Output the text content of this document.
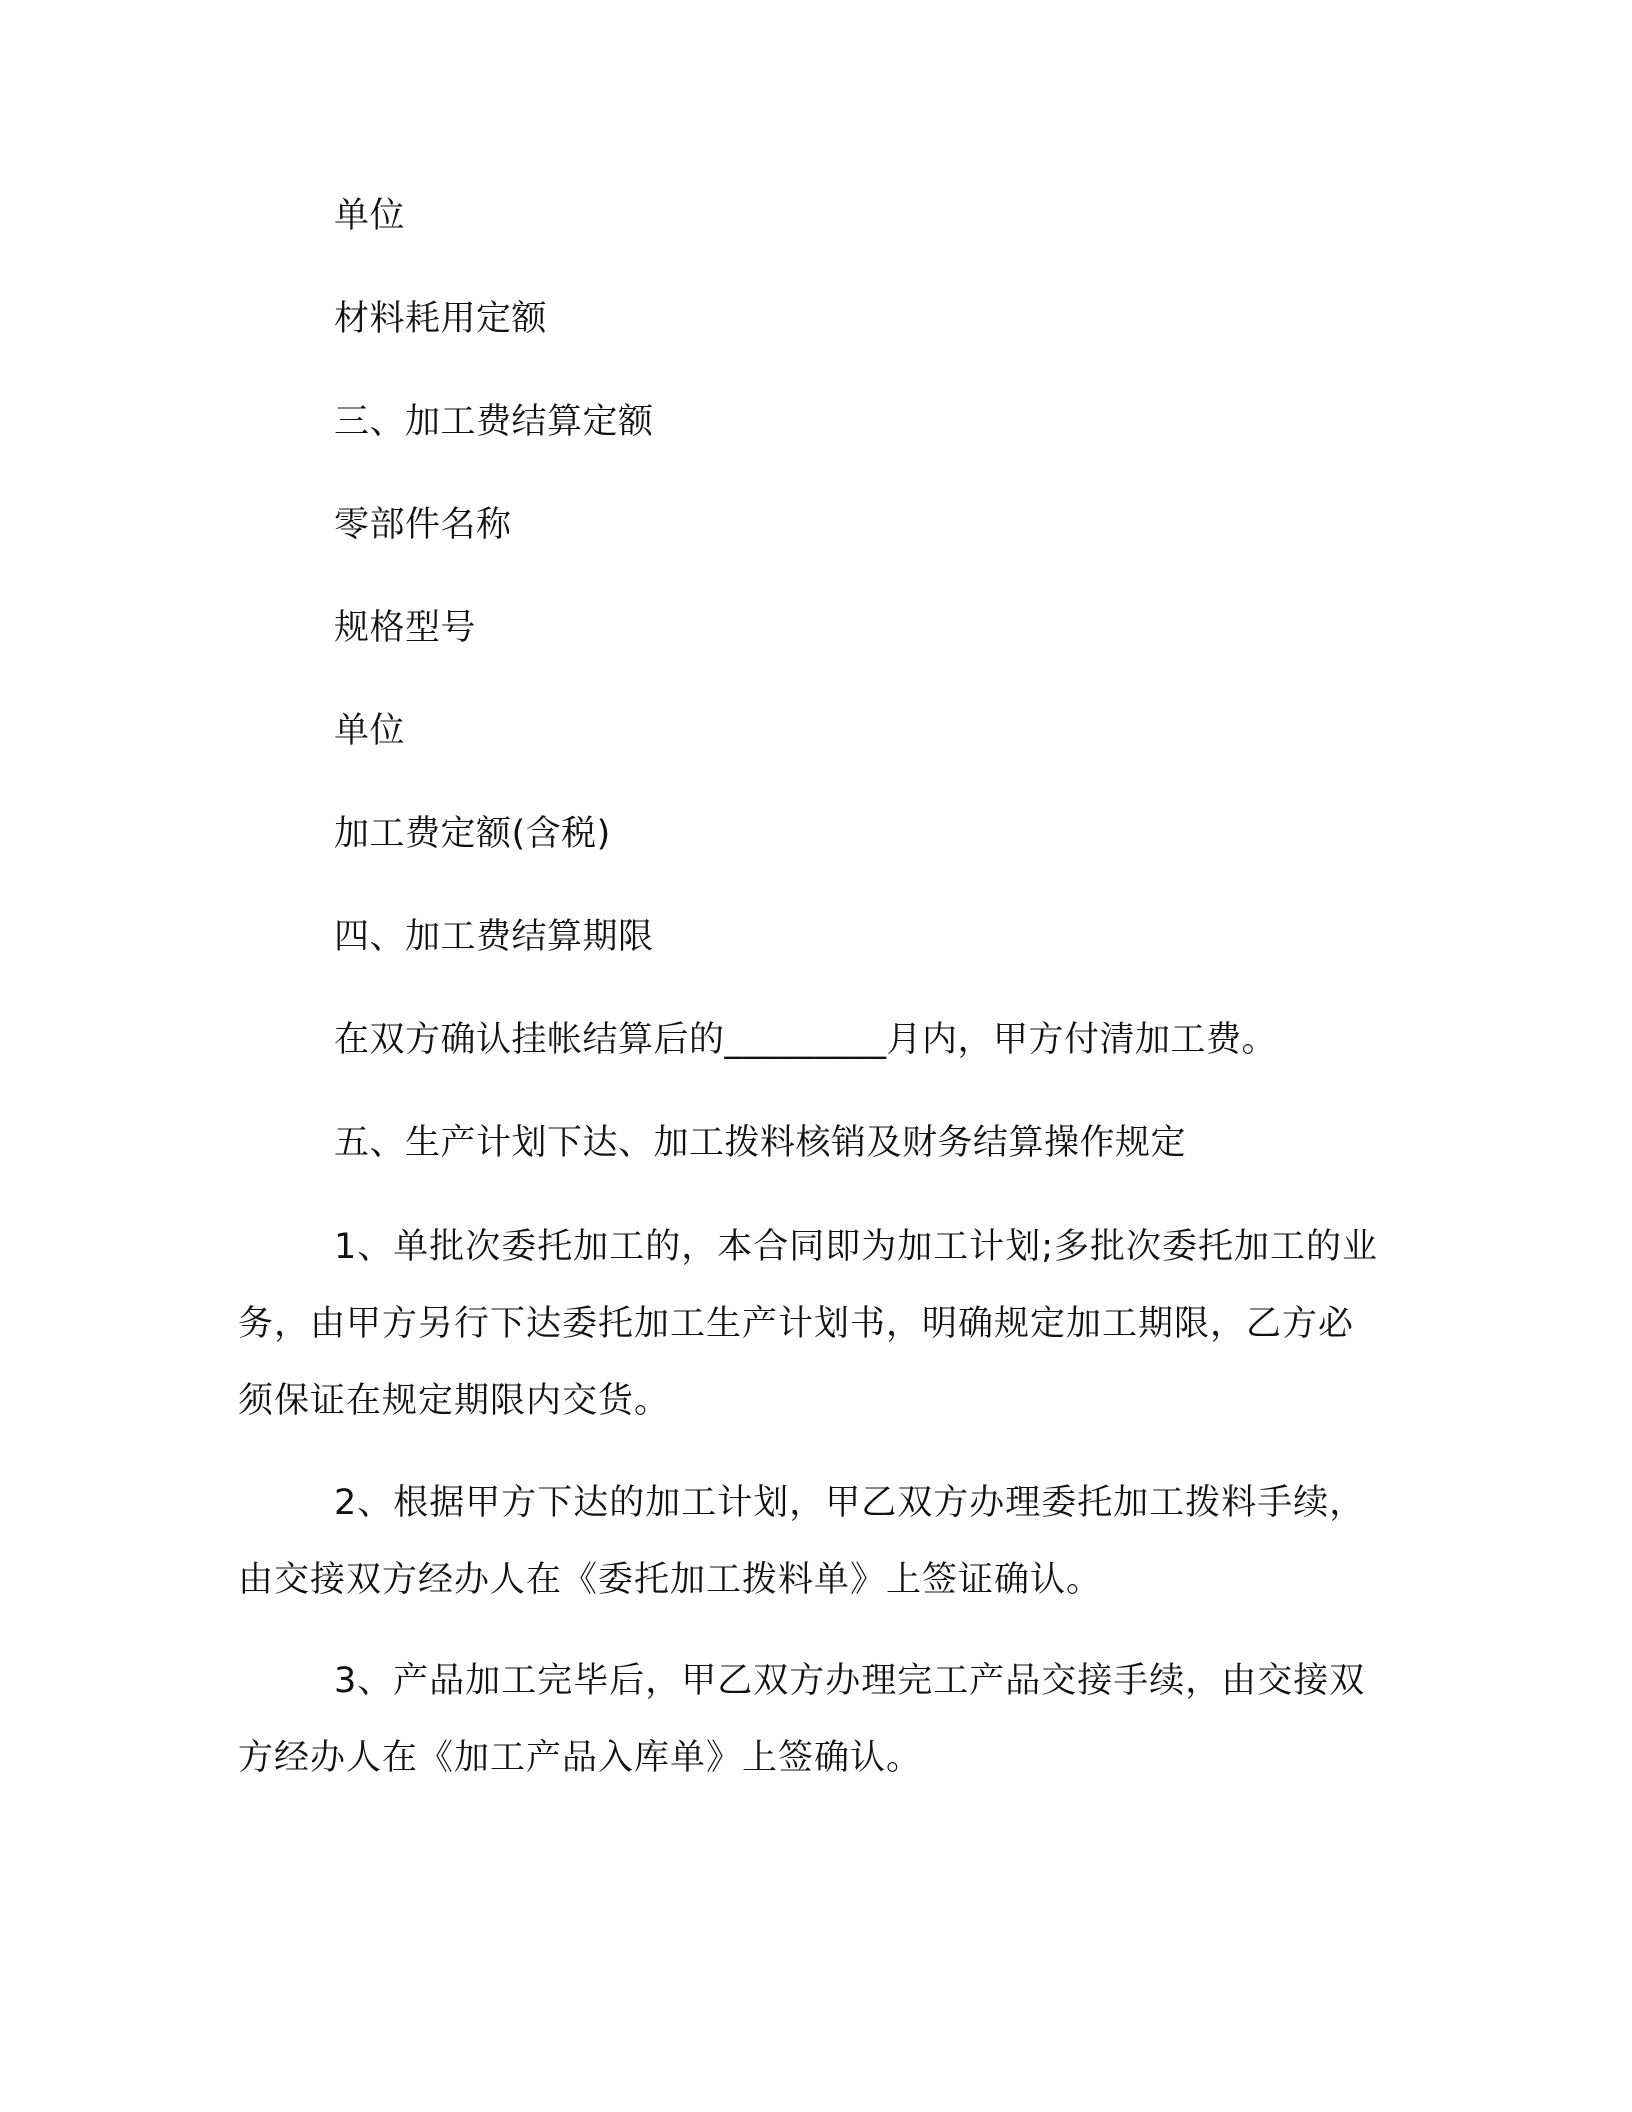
单位
材料耗用定额
三、加工费结算定额
零部件名称
规格型号
单位
加工费定额(含税)
四、加工费结算期限
在双方确认挂帐结算后的_________月内，甲方付清加工费。
五、生产计划下达、加工拨料核销及财务结算操作规定

1、单批次委托加工的，本合同即为加工计划;多批次委托加工的业务，由甲方另行下达委托加工生产计划书，明确规定加工期限，乙方必须保证在规定期限内交货。

2、根据甲方下达的加工计划，甲乙双方办理委托加工拨料手续，由交接双方经办人在《委托加工拨料单》上签证确认。

3、产品加工完毕后，甲乙双方办理完工产品交接手续，由交接双方经办人在《加工产品入库单》上签确认。
